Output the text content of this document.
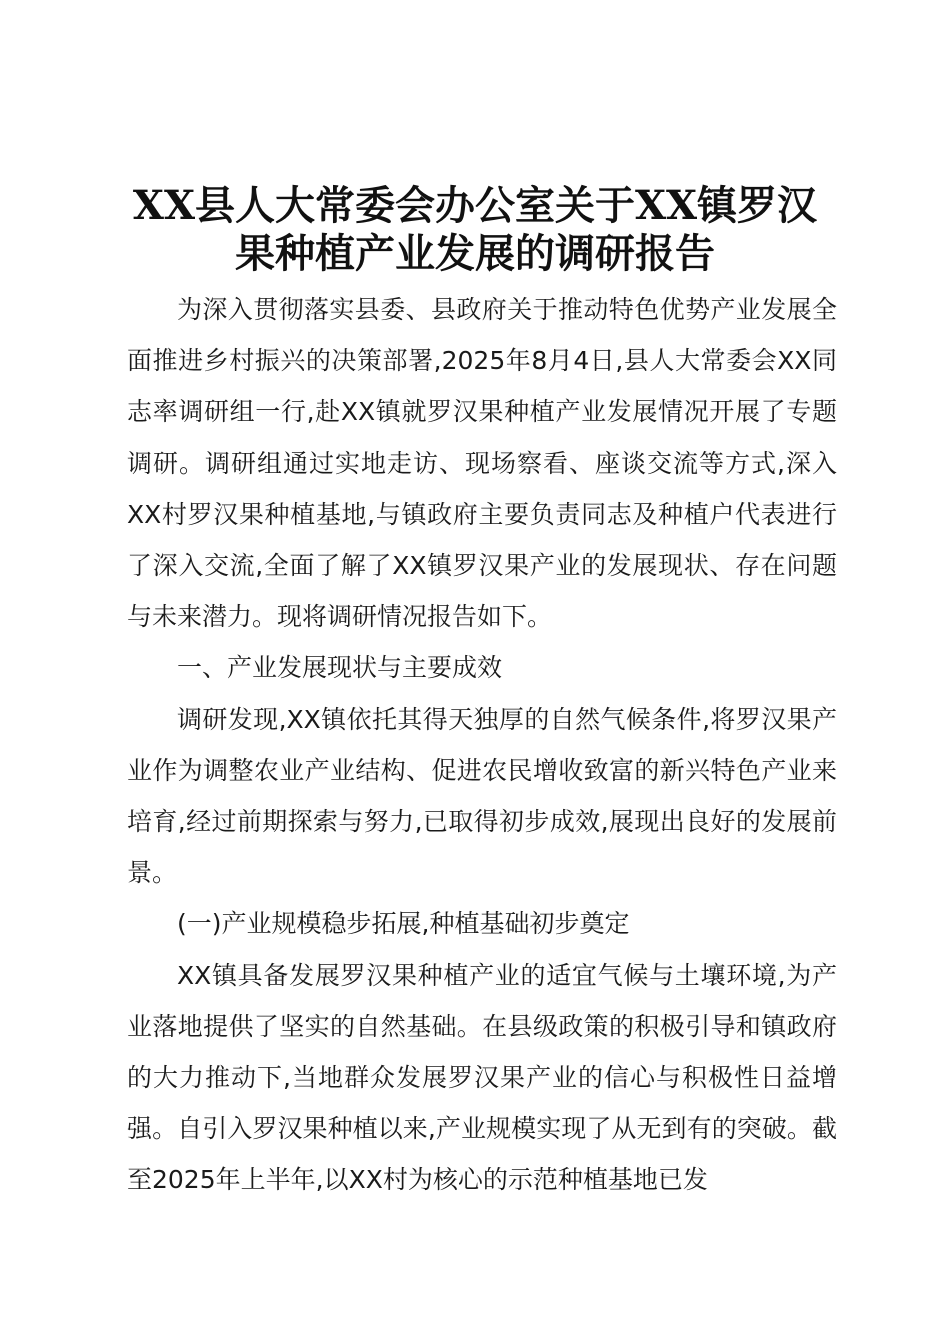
XX县人大常委会办公室关于XX镇罗汉果种植产业发展的调研报告

为深入贯彻落实县委、县政府关于推动特色优势产业发展全面推进乡村振兴的决策部署,2025年8月4日,县人大常委会XX同志率调研组一行,赴XX镇就罗汉果种植产业发展情况开展了专题调研。调研组通过实地走访、现场察看、座谈交流等方式,深入XX村罗汉果种植基地,与镇政府主要负责同志及种植户代表进行了深入交流,全面了解了XX镇罗汉果产业的发展现状、存在问题与未来潜力。现将调研情况报告如下。

一、产业发展现状与主要成效

调研发现,XX镇依托其得天独厚的自然气候条件,将罗汉果产业作为调整农业产业结构、促进农民增收致富的新兴特色产业来培育,经过前期探索与努力,已取得初步成效,展现出良好的发展前景。

(一)产业规模稳步拓展,种植基础初步奠定

XX镇具备发展罗汉果种植产业的适宜气候与土壤环境,为产业落地提供了坚实的自然基础。在县级政策的积极引导和镇政府的大力推动下,当地群众发展罗汉果产业的信心与积极性日益增强。自引入罗汉果种植以来,产业规模实现了从无到有的突破。截至2025年上半年,以XX村为核心的示范种植基地已发
